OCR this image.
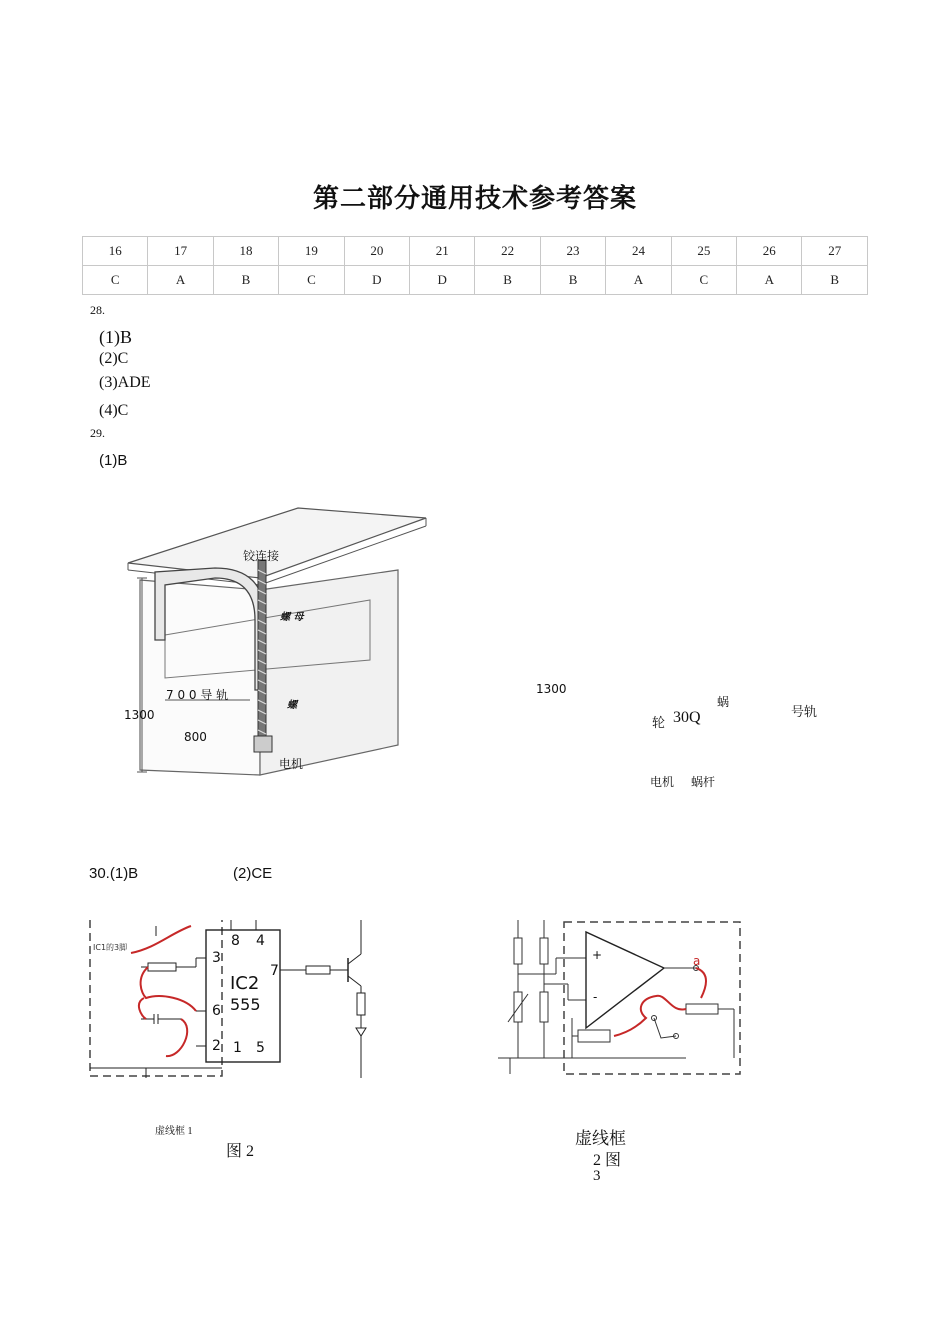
第二部分通用技术参考答案
16	17	18	19	20	21	22	23	24	25	26	27
C	A	B	C	D	D	B	B	A	C	A	B
28.
(1)B
(2)C
(3)ADE
(4)C
29.
(1)B
铰连接
螺 母
7 0 0 导 轨
螺
1300
800
电机
1300
蜗
号轨
轮 30Q
电机 蜗杆
30.(1)B	(2)CE
IC1的3脚	8 4
3
7
IC2
555
6
2 1 5
虚线框 1
图 2
+
-
a
虚线框
2 图
3
